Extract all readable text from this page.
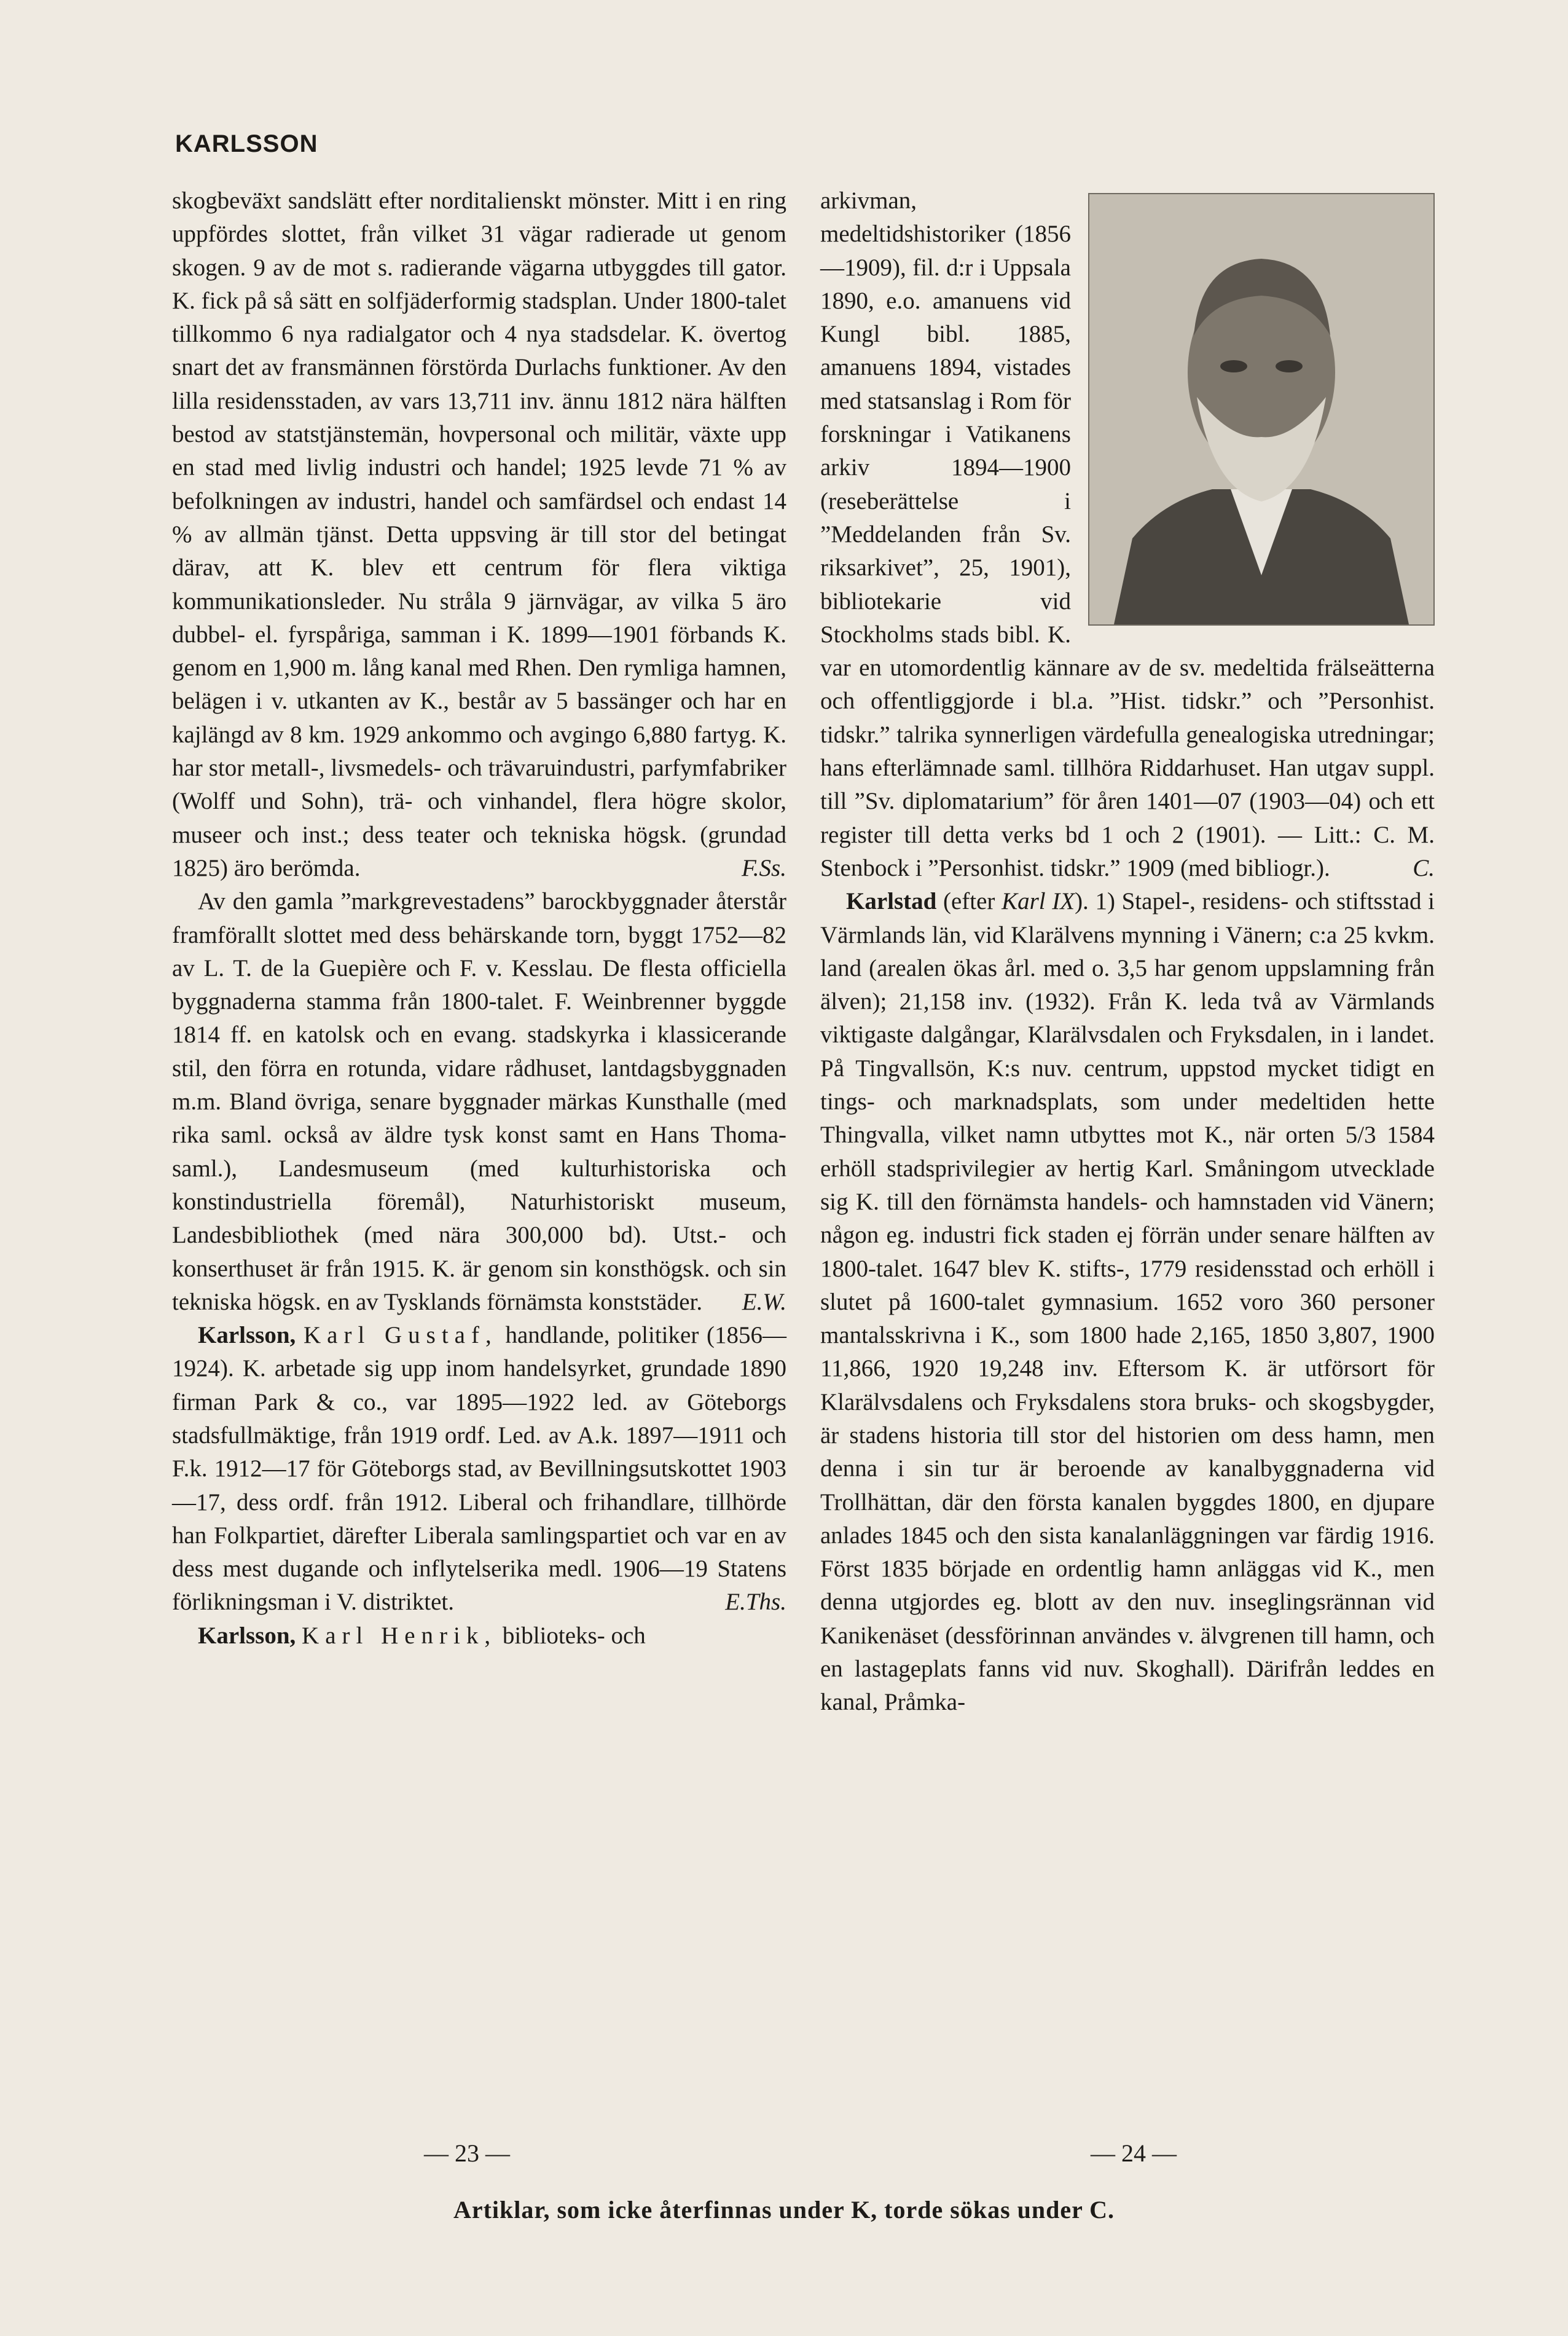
KARLSSON

skogbevä̈xt sandslätt efter norditalienskt mönster. Mitt i en ring uppfördes slottet, från vilket 31 vägar radierade ut genom skogen. 9 av de mot s. radierande vägarna utbyggdes till gator. K. fick på så sätt en solfjäderformig stadsplan. Under 1800-talet tillkommo 6 nya radialgator och 4 nya stadsdelar. K. övertog snart det av fransmännen förstörda Durlachs funktioner. Av den lilla residensstaden, av vars 13,711 inv. ännu 1812 nära hälften bestod av statstjänstemän, hovpersonal och militär, växte upp en stad med livlig industri och handel; 1925 levde 71 % av befolkningen av industri, handel och samfärdsel och endast 14 % av allmän tjänst. Detta uppsving är till stor del betingat därav, att K. blev ett centrum för flera viktiga kommunikationsleder. Nu stråla 9 järnvägar, av vilka 5 äro dubbel- el. fyrspåriga, samman i K. 1899—1901 förbands K. genom en 1,900 m. lång kanal med Rhen. Den rymliga hamnen, belägen i v. utkanten av K., består av 5 bassänger och har en kajlängd av 8 km. 1929 ankommo och avgingo 6,880 fartyg. K. har stor metall-, livsmedels- och trävaruindustri, parfymfabriker (Wolff und Sohn), trä- och vinhandel, flera högre skolor, museer och inst.; dess teater och tekniska högsk. (grundad 1825) äro berömda.	F.Ss.

Av den gamla ”markgrevestadens” barockbyggnader återstår framförallt slottet med dess behärskande torn, byggt 1752—82 av L. T. de la Guepière och F. v. Kesslau. De flesta officiella byggnaderna stamma från 1800-talet. F. Weinbrenner byggde 1814 ff. en katolsk och en evang. stadskyrka i klassicerande stil, den förra en rotunda, vidare rådhuset, lantdagsbyggnaden m.m. Bland övriga, senare byggnader märkas Kunsthalle (med rika saml. också av äldre tysk konst samt en Hans Thoma-saml.), Landesmuseum (med kulturhistoriska och konstindustriella föremål), Naturhistoriskt museum, Landesbibliothek (med nära 300,000 bd). Utst.- och konserthuset är från 1915. K. är genom sin konsthögsk. och sin tekniska högsk. en av Tysklands förnämsta konststäder.	E.W.

Karlsson, Karl Gustaf, handlande, politiker (1856—1924). K. arbetade sig upp inom handelsyrket, grundade 1890 firman Park & co., var 1895—1922 led. av Göteborgs stadsfullmäktige, från 1919 ordf. Led. av A.k. 1897—1911 och F.k. 1912—17 för Göteborgs stad, av Bevillningsutskottet 1903—17, dess ordf. från 1912. Liberal och frihandlare, tillhörde han Folkpartiet, därefter Liberala samlingspartiet och var en av dess mest dugande och inflytelserika medl. 1906—19 Statens förlikningsman i V. distriktet.	E.Ths.

Karlsson, Karl Henrik, biblioteks- och

arkivman, medeltidshistoriker (1856—1909), fil. d:r i Uppsala 1890, e.o. amanuens vid Kungl bibl. 1885, amanuens 1894, vistades med statsanslag i Rom för forskningar i Vatikanens arkiv 1894—1900 (reseberättelse i ”Meddelanden från Sv. riksarkivet”, 25, 1901), bibliotekarie vid Stockholms stads bibl. K. var en utomordentlig kännare av de sv. medeltida frälseätterna och offentliggjorde i bl.a. ”Hist. tidskr.” och ”Personhist. tidskr.” talrika synnerligen värdefulla genealogiska utredningar; hans efterlämnade saml. tillhöra Riddarhuset. Han utgav suppl. till ”Sv. diplomatarium” för åren 1401—07 (1903—04) och ett register till detta verks bd 1 och 2 (1901). — Litt.: C. M. Stenbock i ”Personhist. tidskr.” 1909 (med bibliogr.).	C.

Karlstad (efter Karl IX). 1) Stapel-, residens- och stiftsstad i Värmlands län, vid Klarälvens mynning i Vänern; c:a 25 kvkm. land (arealen ökas årl. med o. 3,5 har genom uppslamning från älven); 21,158 inv. (1932). Från K. leda två av Värmlands viktigaste dalgångar, Klarälvsdalen och Fryksdalen, in i landet. På Tingvallsön, K:s nuv. centrum, uppstod mycket tidigt en tings- och marknadsplats, som under medeltiden hette Thingvalla, vilket namn utbyttes mot K., när orten 5/3 1584 erhöll stadsprivilegier av hertig Karl. Småningom utvecklade sig K. till den förnämsta handels- och hamnstaden vid Vänern; någon eg. industri fick staden ej förrän under senare hälften av 1800-talet. 1647 blev K. stifts-, 1779 residensstad och erhöll i slutet på 1600-talet gymnasium. 1652 voro 360 personer mantalsskrivna i K., som 1800 hade 2,165, 1850 3,807, 1900 11,866, 1920 19,248 inv. Eftersom K. är utförsort för Klarälvsdalens och Fryksdalens stora bruks- och skogsbygder, är stadens historia till stor del historien om dess hamn, men denna i sin tur är beroende av kanalbyggnaderna vid Trollhättan, där den första kanalen byggdes 1800, en djupare anlades 1845 och den sista kanalanläggningen var färdig 1916. Först 1835 började en ordentlig hamn anläggas vid K., men denna utgjordes eg. blott av den nuv. inseglingsrännan vid Kanikenäset (dessförinnan användes v. älvgrenen till hamn, och en lastageplats fanns vid nuv. Skoghall). Därifrån leddes en kanal, Pråmka-

— 23 —	— 24 —
Artiklar, som icke återfinnas under K, torde sökas under C.
